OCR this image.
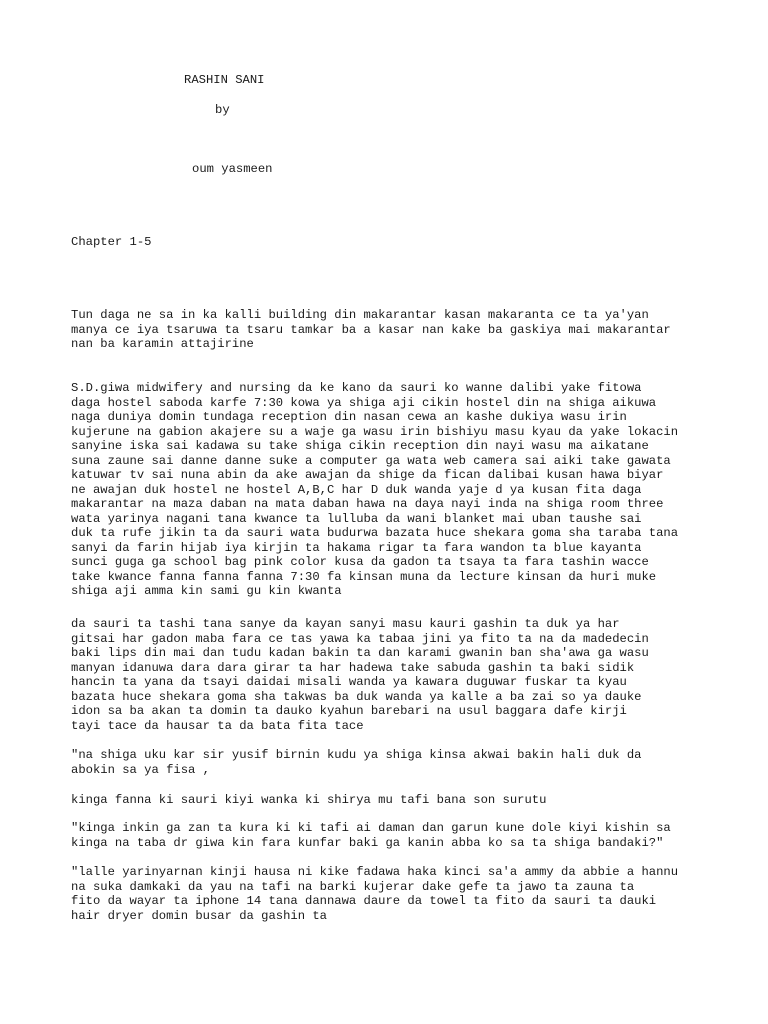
RASHIN SANI
by
oum yasmeen
Chapter 1-5
Tun daga ne sa in ka kalli building din makarantar kasan makaranta ce ta ya'yan
manya ce iya tsaruwa ta tsaru tamkar ba a kasar nan kake ba gaskiya mai makarantar
nan ba karamin attajirine
S.D.giwa midwifery and nursing da ke kano da sauri ko wanne dalibi yake fitowa
daga hostel saboda karfe 7:30 kowa ya shiga aji cikin hostel din na shiga aikuwa
naga duniya domin tundaga reception din nasan cewa an kashe dukiya wasu irin
kujerune na gabion akajere su a waje ga wasu irin bishiyu masu kyau da yake lokacin
sanyine iska sai kadawa su take shiga cikin reception din nayi wasu ma aikatane
suna zaune sai danne danne suke a computer ga wata web camera sai aiki take gawata
katuwar tv sai nuna abin da ake awajan da shige da fican dalibai kusan hawa biyar
ne awajan duk hostel ne hostel A,B,C har D duk wanda yaje d ya kusan fita daga
makarantar na maza daban na mata daban hawa na daya nayi inda na shiga room three
wata yarinya nagani tana kwance ta lulluba da wani blanket mai uban taushe sai
duk ta rufe jikin ta da sauri wata budurwa bazata huce shekara goma sha taraba tana
sanyi da farin hijab iya kirjin ta hakama rigar ta fara wandon ta blue kayanta
sunci guga ga school bag pink color kusa da gadon ta tsaya ta fara tashin wacce
take kwance fanna fanna fanna 7:30 fa kinsan muna da lecture kinsan da huri muke
shiga aji amma kin sami gu kin kwanta
da sauri ta tashi tana sanye da kayan sanyi masu kauri gashin ta duk ya har
gitsai har gadon maba fara ce tas yawa ka tabaa jini ya fito ta na da madedecin
baki lips din mai dan tudu kadan bakin ta dan karami gwanin ban sha'awa ga wasu
manyan idanuwa dara dara girar ta har hadewa take sabuda gashin ta baki sidik
hancin ta yana da tsayi daidai misali wanda ya kawara duguwar fuskar ta kyau
bazata huce shekara goma sha takwas ba duk wanda ya kalle a ba zai so ya dauke
idon sa ba akan ta domin ta dauko kyahun barebari na usul baggara dafe kirji
tayi tace da hausar ta da bata fita tace
"na shiga uku kar sir yusif birnin kudu ya shiga kinsa akwai bakin hali duk da
abokin sa ya fisa ,
kinga fanna ki sauri kiyi wanka ki shirya mu tafi bana son surutu
"kinga inkin ga zan ta kura ki ki tafi ai daman dan garun kune dole kiyi kishin sa
kinga na taba dr giwa kin fara kunfar baki ga kanin abba ko sa ta shiga bandaki?"
"lalle yarinyarnan kinji hausa ni kike fadawa haka kinci sa'a ammy da abbie a hannu
na suka damkaki da yau na tafi na barki kujerar dake gefe ta jawo ta zauna ta
fito da wayar ta iphone 14 tana dannawa daure da towel ta fito da sauri ta dauki
hair dryer domin busar da gashin ta
